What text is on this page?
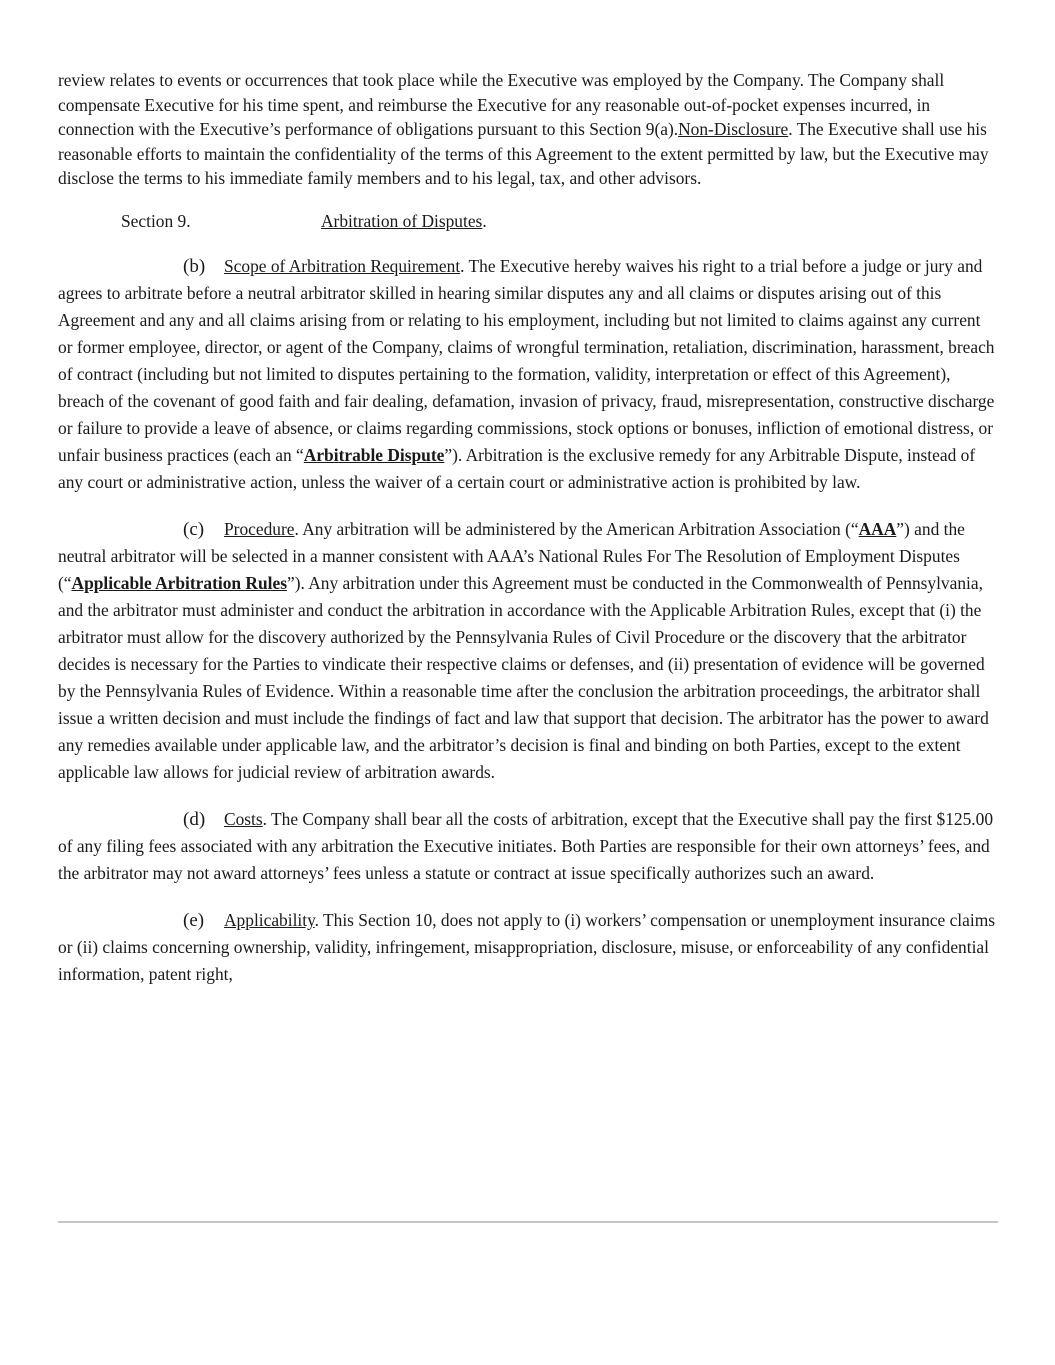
review relates to events or occurrences that took place while the Executive was employed by the Company. The Company shall compensate Executive for his time spent, and reimburse the Executive for any reasonable out-of-pocket expenses incurred, in connection with the Executive’s performance of obligations pursuant to this Section 9(a).Non-Disclosure. The Executive shall use his reasonable efforts to maintain the confidentiality of the terms of this Agreement to the extent permitted by law, but the Executive may disclose the terms to his immediate family members and to his legal, tax, and other advisors.

Section 9.	Arbitration of Disputes.

(b) Scope of Arbitration Requirement. The Executive hereby waives his right to a trial before a judge or jury and agrees to arbitrate before a neutral arbitrator skilled in hearing similar disputes any and all claims or disputes arising out of this Agreement and any and all claims arising from or relating to his employment, including but not limited to claims against any current or former employee, director, or agent of the Company, claims of wrongful termination, retaliation, discrimination, harassment, breach of contract (including but not limited to disputes pertaining to the formation, validity, interpretation or effect of this Agreement), breach of the covenant of good faith and fair dealing, defamation, invasion of privacy, fraud, misrepresentation, constructive discharge or failure to provide a leave of absence, or claims regarding commissions, stock options or bonuses, infliction of emotional distress, or unfair business practices (each an “Arbitrable Dispute”). Arbitration is the exclusive remedy for any Arbitrable Dispute, instead of any court or administrative action, unless the waiver of a certain court or administrative action is prohibited by law.

(c) Procedure. Any arbitration will be administered by the American Arbitration Association (“AAA”) and the neutral arbitrator will be selected in a manner consistent with AAA’s National Rules For The Resolution of Employment Disputes (“Applicable Arbitration Rules”). Any arbitration under this Agreement must be conducted in the Commonwealth of Pennsylvania, and the arbitrator must administer and conduct the arbitration in accordance with the Applicable Arbitration Rules, except that (i) the arbitrator must allow for the discovery authorized by the Pennsylvania Rules of Civil Procedure or the discovery that the arbitrator decides is necessary for the Parties to vindicate their respective claims or defenses, and (ii) presentation of evidence will be governed by the Pennsylvania Rules of Evidence. Within a reasonable time after the conclusion the arbitration proceedings, the arbitrator shall issue a written decision and must include the findings of fact and law that support that decision. The arbitrator has the power to award any remedies available under applicable law, and the arbitrator’s decision is final and binding on both Parties, except to the extent applicable law allows for judicial review of arbitration awards.

(d) Costs. The Company shall bear all the costs of arbitration, except that the Executive shall pay the first $125.00 of any filing fees associated with any arbitration the Executive initiates. Both Parties are responsible for their own attorneys’ fees, and the arbitrator may not award attorneys’ fees unless a statute or contract at issue specifically authorizes such an award.

(e) Applicability. This Section 10, does not apply to (i) workers’ compensation or unemployment insurance claims or (ii) claims concerning ownership, validity, infringement, misappropriation, disclosure, misuse, or enforceability of any confidential information, patent right,
